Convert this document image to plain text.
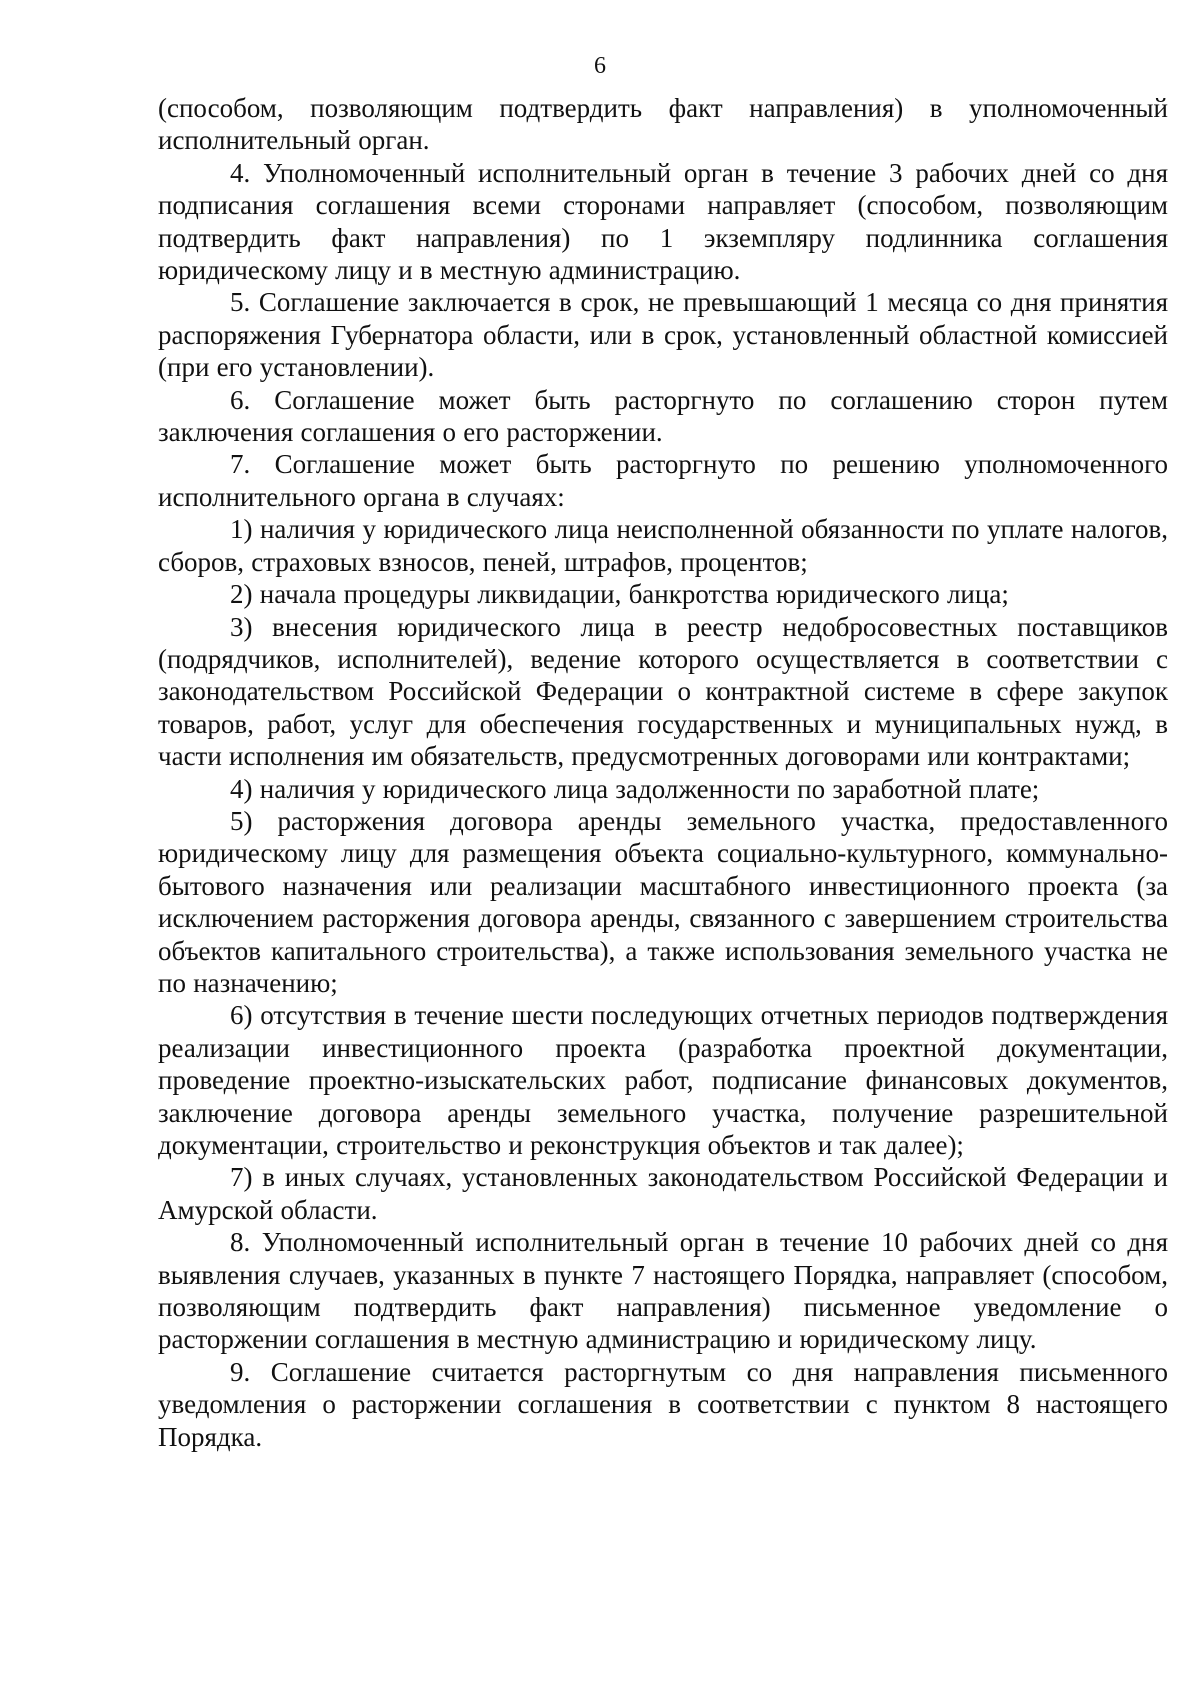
6

(способом, позволяющим подтвердить факт направления) в уполномоченный исполнительный орган.

4. Уполномоченный исполнительный орган в течение 3 рабочих дней со дня подписания соглашения всеми сторонами направляет (способом, позволяющим подтвердить факт направления) по 1 экземпляру подлинника соглашения юридическому лицу и в местную администрацию.

5. Соглашение заключается в срок, не превышающий 1 месяца со дня принятия распоряжения Губернатора области, или в срок, установленный областной комиссией (при его установлении).

6. Соглашение может быть расторгнуто по соглашению сторон путем заключения соглашения о его расторжении.

7. Соглашение может быть расторгнуто по решению уполномоченного исполнительного органа в случаях:

1) наличия у юридического лица неисполненной обязанности по уплате налогов, сборов, страховых взносов, пеней, штрафов, процентов;

2) начала процедуры ликвидации, банкротства юридического лица;

3) внесения юридического лица в реестр недобросовестных поставщиков (подрядчиков, исполнителей), ведение которого осуществляется в соответствии с законодательством Российской Федерации о контрактной системе в сфере закупок товаров, работ, услуг для обеспечения государственных и муниципальных нужд, в части исполнения им обязательств, предусмотренных договорами или контрактами;

4) наличия у юридического лица задолженности по заработной плате;

5) расторжения договора аренды земельного участка, предоставленного юридическому лицу для размещения объекта социально-культурного, коммунально-бытового назначения или реализации масштабного инвестиционного проекта (за исключением расторжения договора аренды, связанного с завершением строительства объектов капитального строительства), а также использования земельного участка не по назначению;

6) отсутствия в течение шести последующих отчетных периодов подтверждения реализации инвестиционного проекта (разработка проектной документации, проведение проектно-изыскательских работ, подписание финансовых документов, заключение договора аренды земельного участка, получение разрешительной документации, строительство и реконструкция объектов и так далее);

7) в иных случаях, установленных законодательством Российской Федерации и Амурской области.

8. Уполномоченный исполнительный орган в течение 10 рабочих дней со дня выявления случаев, указанных в пункте 7 настоящего Порядка, направляет (способом, позволяющим подтвердить факт направления) письменное уведомление о расторжении соглашения в местную администрацию и юридическому лицу.

9. Соглашение считается расторгнутым со дня направления письменного уведомления о расторжении соглашения в соответствии с пунктом 8 настоящего Порядка.
